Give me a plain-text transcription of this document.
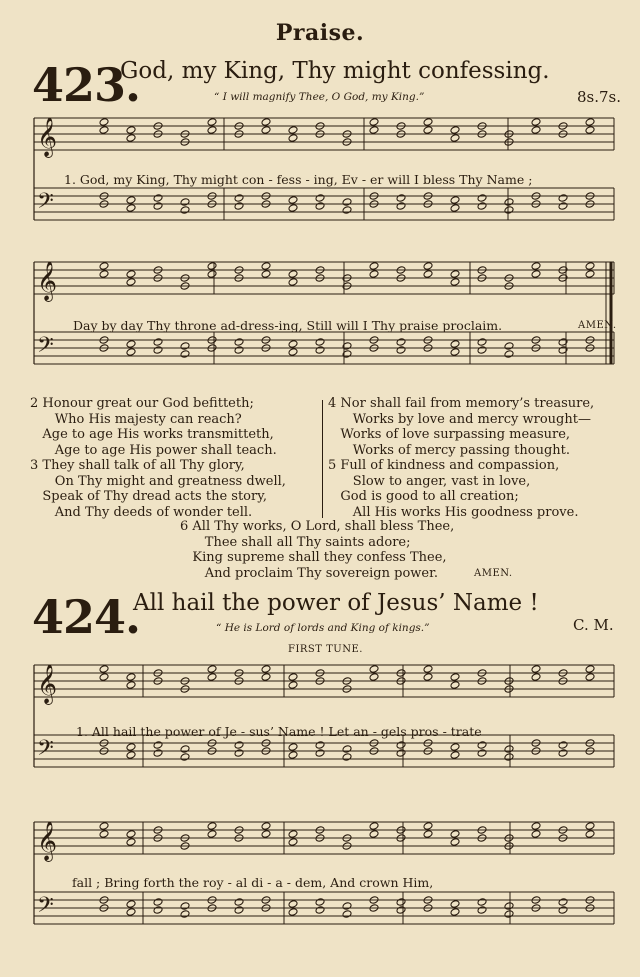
𝄞
𝄢
𝄞
𝄢
𝄞
𝄢
𝄞
𝄢
Praise.
423.
God, my King, Thy might confessing.
“ I will magnify Thee, O God, my King.”	8s.7s.
1. God, my King, Thy might con - fess - ing, Ev - er will I bless Thy Name ;
Day by day Thy throne ad-dress-ing, Still will I Thy praise proclaim.	AMEN.
2 Honour great our God befitteth;
Who His majesty can reach?
Age to age His works transmitteth,
Age to age His power shall teach.
3 They shall talk of all Thy glory,
On Thy might and greatness dwell,
Speak of Thy dread acts the story,
And Thy deeds of wonder tell.
4 Nor shall fail from memory’s treasure,
Works by love and mercy wrought—
Works of love surpassing measure,
Works of mercy passing thought.
5 Full of kindness and compassion,
Slow to anger, vast in love,
God is good to all creation;
All His works His goodness prove.
6 All Thy works, O Lord, shall bless Thee,
Thee shall all Thy saints adore;
King supreme shall they confess Thee,
And proclaim Thy sovereign power.	AMEN.
424.
All hail the power of Jesus’ Name !
“ He is Lord of lords and King of kings.”	C. M.
FIRST TUNE.
1. All hail the power of Je - sus’ Name ! Let an - gels pros - trate
fall ; Bring forth the roy - al di - a - dem, And crown Him,
